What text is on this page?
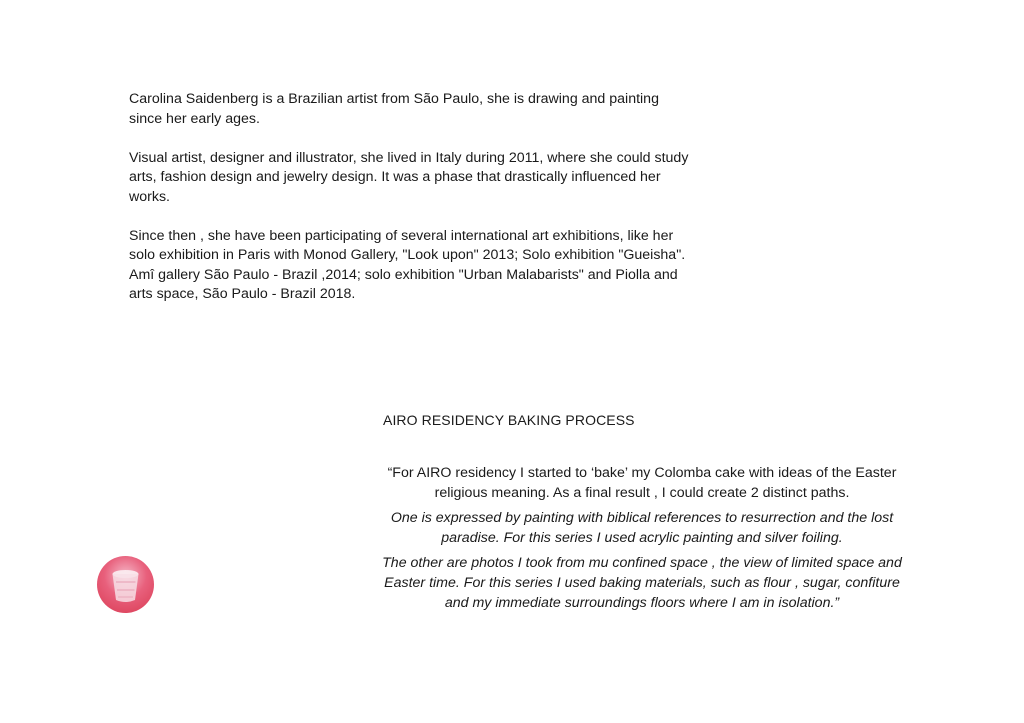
Carolina Saidenberg is a Brazilian artist from São Paulo, she is drawing and painting since her early ages.

Visual artist, designer and illustrator, she lived in Italy during 2011, where she could study arts, fashion design and jewelry design. It was a phase that drastically influenced her works.

Since then , she have been participating of several international art exhibitions, like her solo exhibition in Paris with Monod Gallery, "Look upon" 2013; Solo exhibition "Gueisha". Amî gallery São Paulo - Brazil ,2014; solo exhibition "Urban Malabarists" and Piolla and arts space, São Paulo - Brazil 2018.

AIRO RESIDENCY BAKING PROCESS

“For AIRO residency I started to ‘bake’ my Colomba cake with ideas of the Easter religious meaning. As a final result , I could create 2 distinct paths.

One is expressed by painting with biblical references to resurrection and the lost paradise. For this series I used acrylic painting and silver foiling.

The other are photos I took from mu confined space , the view of limited space and Easter time. For this series I used baking materials, such as flour , sugar, confiture and my immediate surroundings floors where I am in isolation.”
